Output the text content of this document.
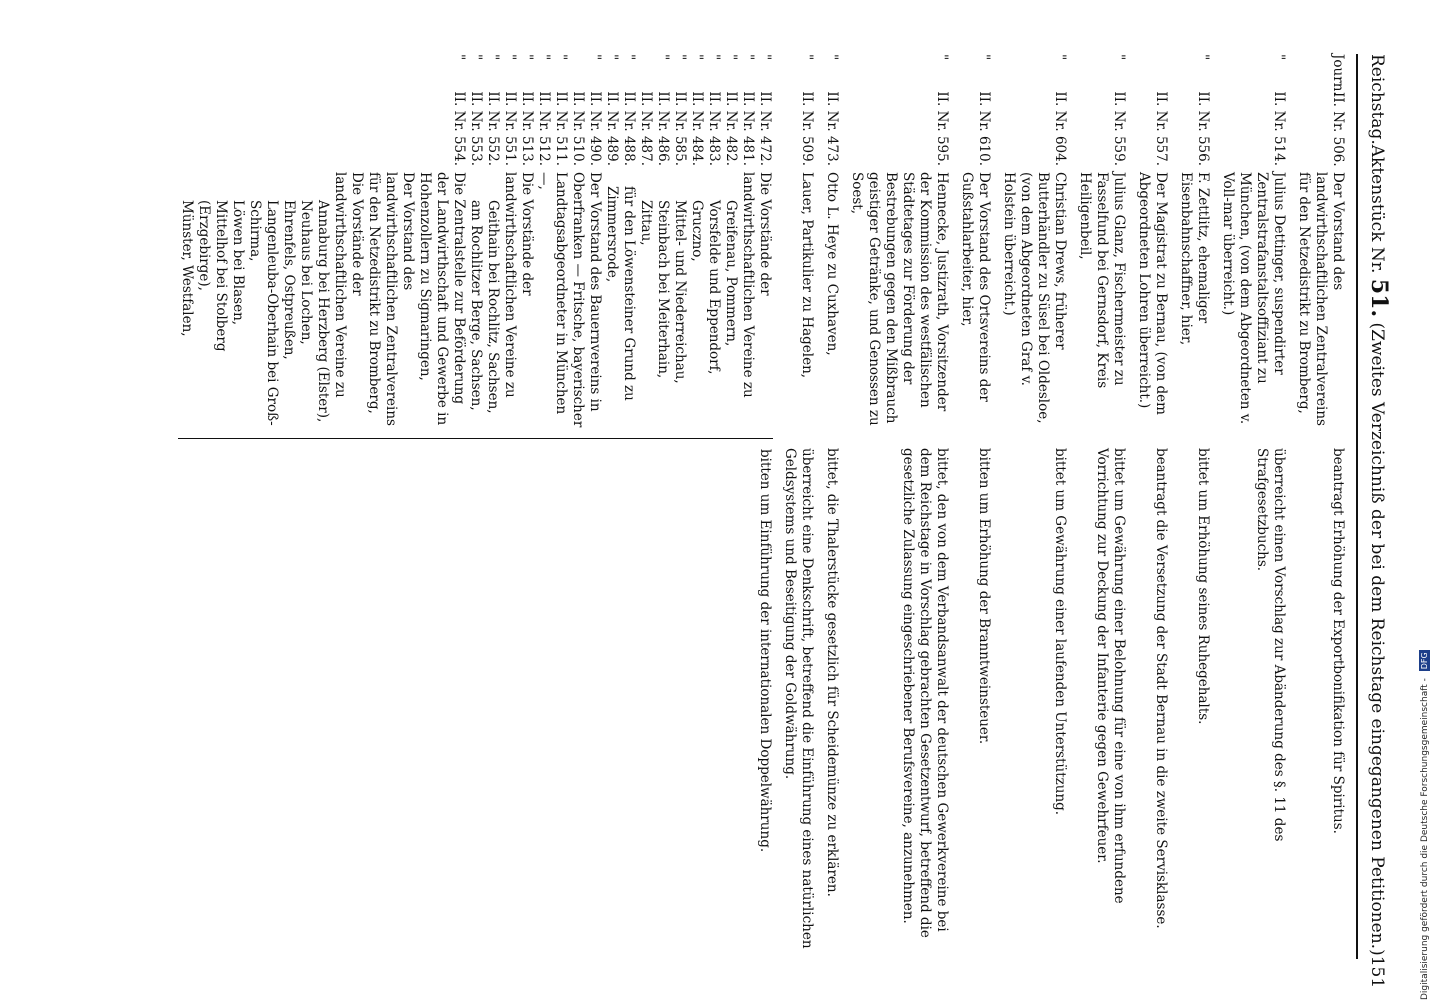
Reichstag.
Aktenstück Nr. 51. (Zweites Verzeichniß der bei dem Reichstage eingegangenen Petitionen.)
151
Journ.
II. Nr. 506.
Der Vorstand des landwirthschaftlichen Zentralvereins für den Netzedistrikt zu Bromberg,
beantragt Erhöhung der Exportbonifikation für Spiritus.
"
II. Nr. 514.
Julius Dettinger, suspendirter Zentralstrafanstaltsoffiziant zu München, (von dem Abgeordneten v. Voll-mar überreicht.)
überreicht einen Vorschlag zur Abänderung des §. 11 des Strafgesetzbuchs.
"
II. Nr. 556.
F. Zettlitz, ehemaliger Eisenbahnschaffner, hier,
bittet um Erhöhung seines Ruhegehalts.
II. Nr. 557.
Der Magistrat zu Bernau, (von dem Abgeordneten Lohren überreicht.)
beantragt die Versetzung der Stadt Bernau in die zweite Servisklasse.
"
II. Nr. 559.
Julius Glanz, Fischermeister zu Fasselfund bei Gernsdorf, Kreis Heiligenbeil,
bittet um Gewährung einer Belohnung für eine von ihm erfundene Vorrichtung zur Deckung der Infanterie gegen Gewehrfeuer.
"
II. Nr. 604.
Christian Drews, früherer Butterhändler zu Süsel bei Oldesloe, (von dem Abgeordneten Graf v. Holstein überreicht.)
bittet um Gewährung einer laufenden Unterstützung.
"
II. Nr. 610.
Der Vorstand des Ortsvereins der Gußstahlarbeiter, hier,
bitten um Erhöhung der Branntweinsteuer.
"
II. Nr. 595.
Hennecke, Justizrath, Vorsitzender der Kommission des westfälischen Städtetages zur Förderung der Bestrebungen gegen den Mißbrauch geistiger Getränke, und Genossen zu Soest,
bittet, den von dem Verbandsanwalt der deutschen Gewerkvereine bei dem Reichstage in Vorschlag gebrachten Gesetzentwurf, betreffend die gesetzliche Zulassung eingeschriebener Berufsvereine, anzunehmen.
"
II. Nr. 473.
Otto L. Heye zu Cuxhaven,
bittet, die Thalerstücke gesetzlich für Scheidemünze zu erklären.
"
II. Nr. 509.
Lauer, Partikulier zu Hagelen,
überreicht eine Denkschrift, betreffend die Einführung eines natürlichen Geldsystems und Beseitigung der Goldwährung.
"
II. Nr. 472.
"
II. Nr. 481.
"
II. Nr. 482.
"
II. Nr. 483.
"
II. Nr. 484.
"
II. Nr. 585.
"
II. Nr. 486.
II. Nr. 487.
"
II. Nr. 488.
"
II. Nr. 489.
"
II. Nr. 490.
II. Nr. 510.
"
II. Nr. 511.
"
II. Nr. 512.
"
II. Nr. 513.
"
II. Nr. 551.
"
II. Nr. 552.
"
II. Nr. 553.
"
II. Nr. 554.
Die Vorstände der landwirthschaftlichen Vereine zu
Greifenau, Pommern,
Vorsfelde und Eppendorf,
Gruczno,
Mittel- und Niederreichau,
Steinbach bei Meiterhain,
Zittau,
für den Löwensteiner Grund zu Zimmersrode,
Der Vorstand des Bauernvereins in Oberfranken — Fritsche, bayerischer Landtagsabgeordneter in München —,
Die Vorstände der landwirthschaftlichen Vereine zu
Geithain bei Rochlitz, Sachsen,
am Rochlitzer Berge, Sachsen,
Die Zentralstelle zur Beförderung der Landwirthschaft und Gewerbe in Hohenzollern zu Sigmaringen,
Der Vorstand des landwirthschaftlichen Zentralvereins für den Netzedistrikt zu Bromberg,
Die Vorstände der landwirthschaftlichen Vereine zu
Annaburg bei Herzberg (Elster),
Neuhaus bei Lochen,
Ehrenfels, Ostpreußen,
Langenleuba-Oberhain bei Groß-Schirma,
Löwen bei Blasen,
Mittelhof bei Stolberg (Erzgebirge),
Münster, Westfalen,
bitten um Einführung der internationalen Doppelwährung.	Digitalisierung gefördert durch die Deutsche Forschungsgemeinschaft - DFG
